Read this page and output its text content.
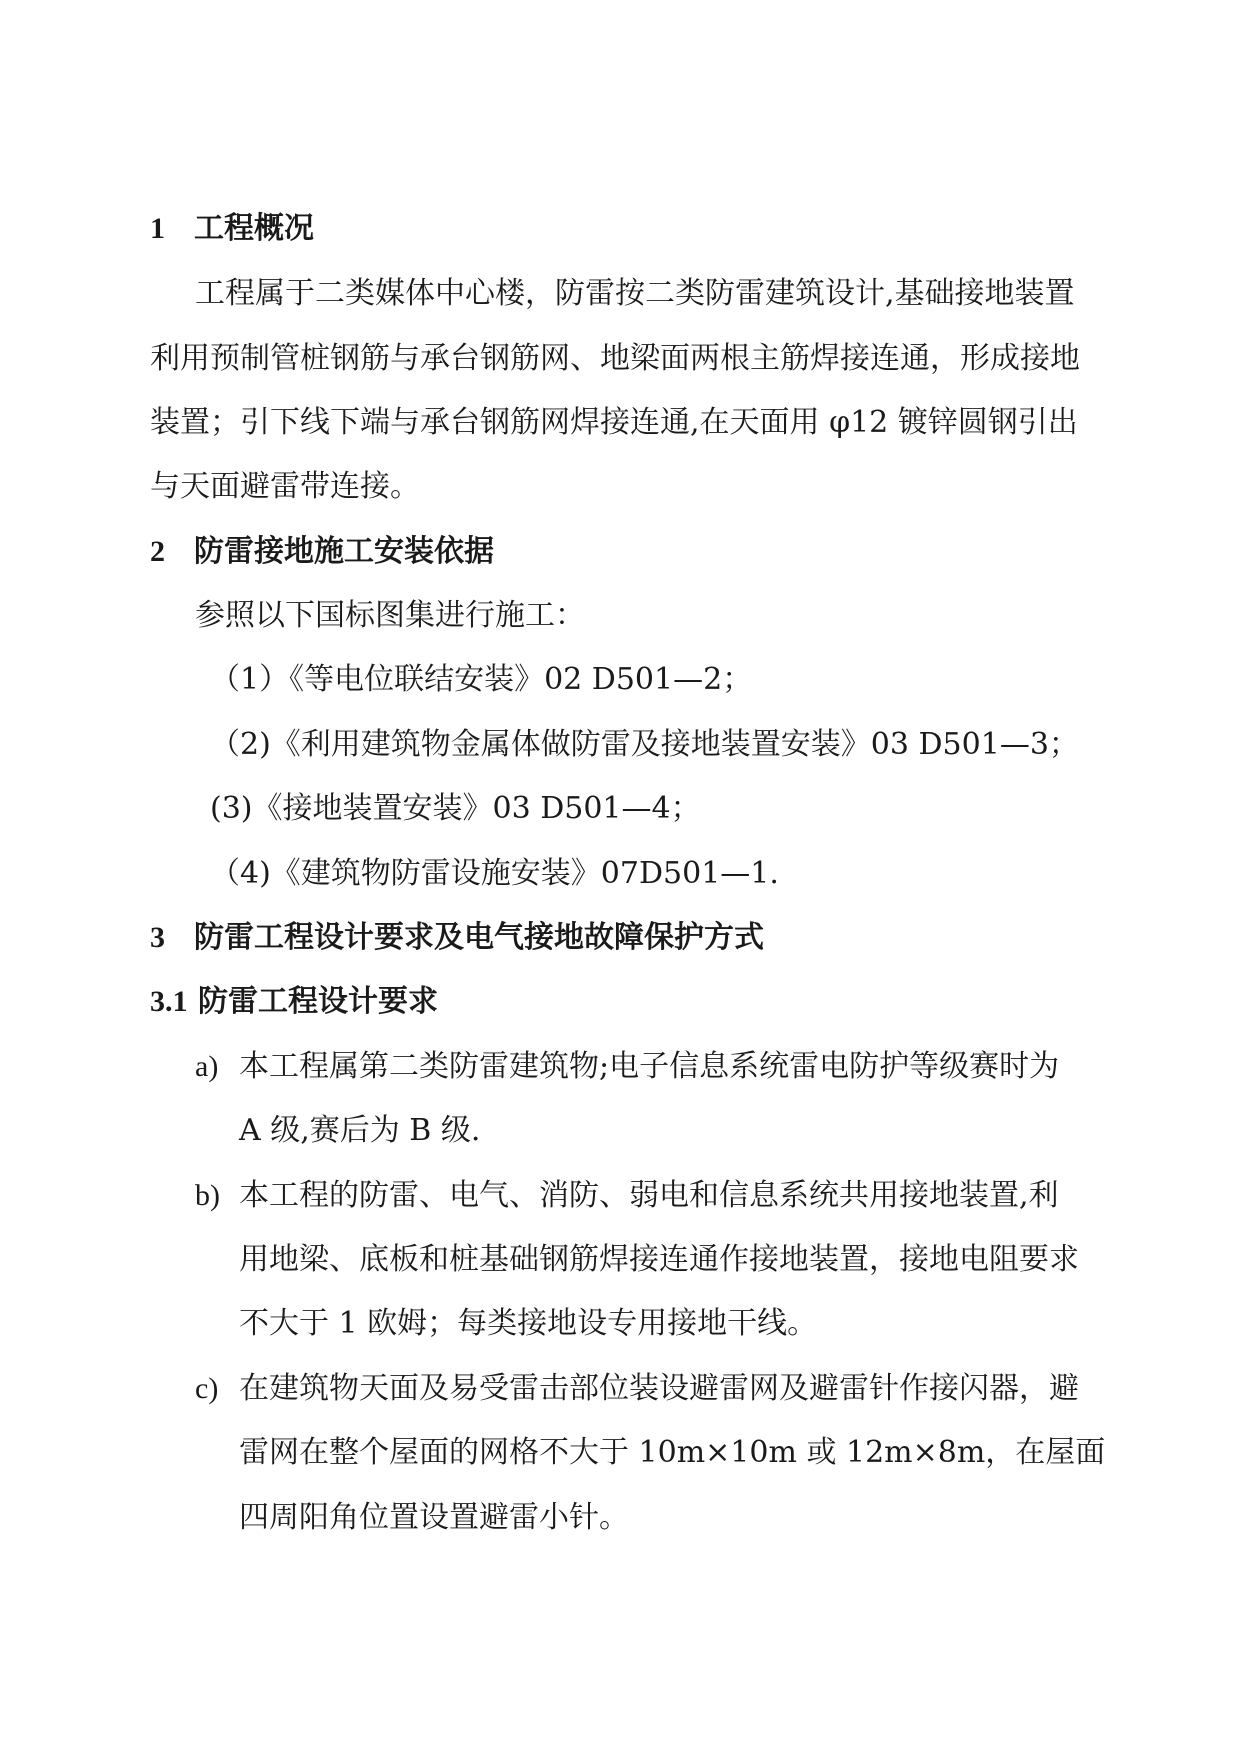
1 工程概况
工程属于二类媒体中心楼，防雷按二类防雷建筑设计,基础接地装置
利用预制管桩钢筋与承台钢筋网、地梁面两根主筋焊接连通，形成接地
装置；引下线下端与承台钢筋网焊接连通,在天面用 φ12 镀锌圆钢引出
与天面避雷带连接。
2 防雷接地施工安装依据
参照以下国标图集进行施工：
（1）《等电位联结安装》02 D501—2；
（2)《利用建筑物金属体做防雷及接地装置安装》03 D501—3；
(3)《接地装置安装》03 D501—4；
（4)《建筑物防雷设施安装》07D501—1.
3 防雷工程设计要求及电气接地故障保护方式
3.1 防雷工程设计要求
a) 本工程属第二类防雷建筑物;电子信息系统雷电防护等级赛时为
A 级,赛后为 B 级.
b) 本工程的防雷、电气、消防、弱电和信息系统共用接地装置,利
用地梁、底板和桩基础钢筋焊接连通作接地装置，接地电阻要求
不大于 1 欧姆；每类接地设专用接地干线。
c) 在建筑物天面及易受雷击部位装设避雷网及避雷针作接闪器，避
雷网在整个屋面的网格不大于 10m×10m 或 12m×8m，在屋面
四周阳角位置设置避雷小针。
